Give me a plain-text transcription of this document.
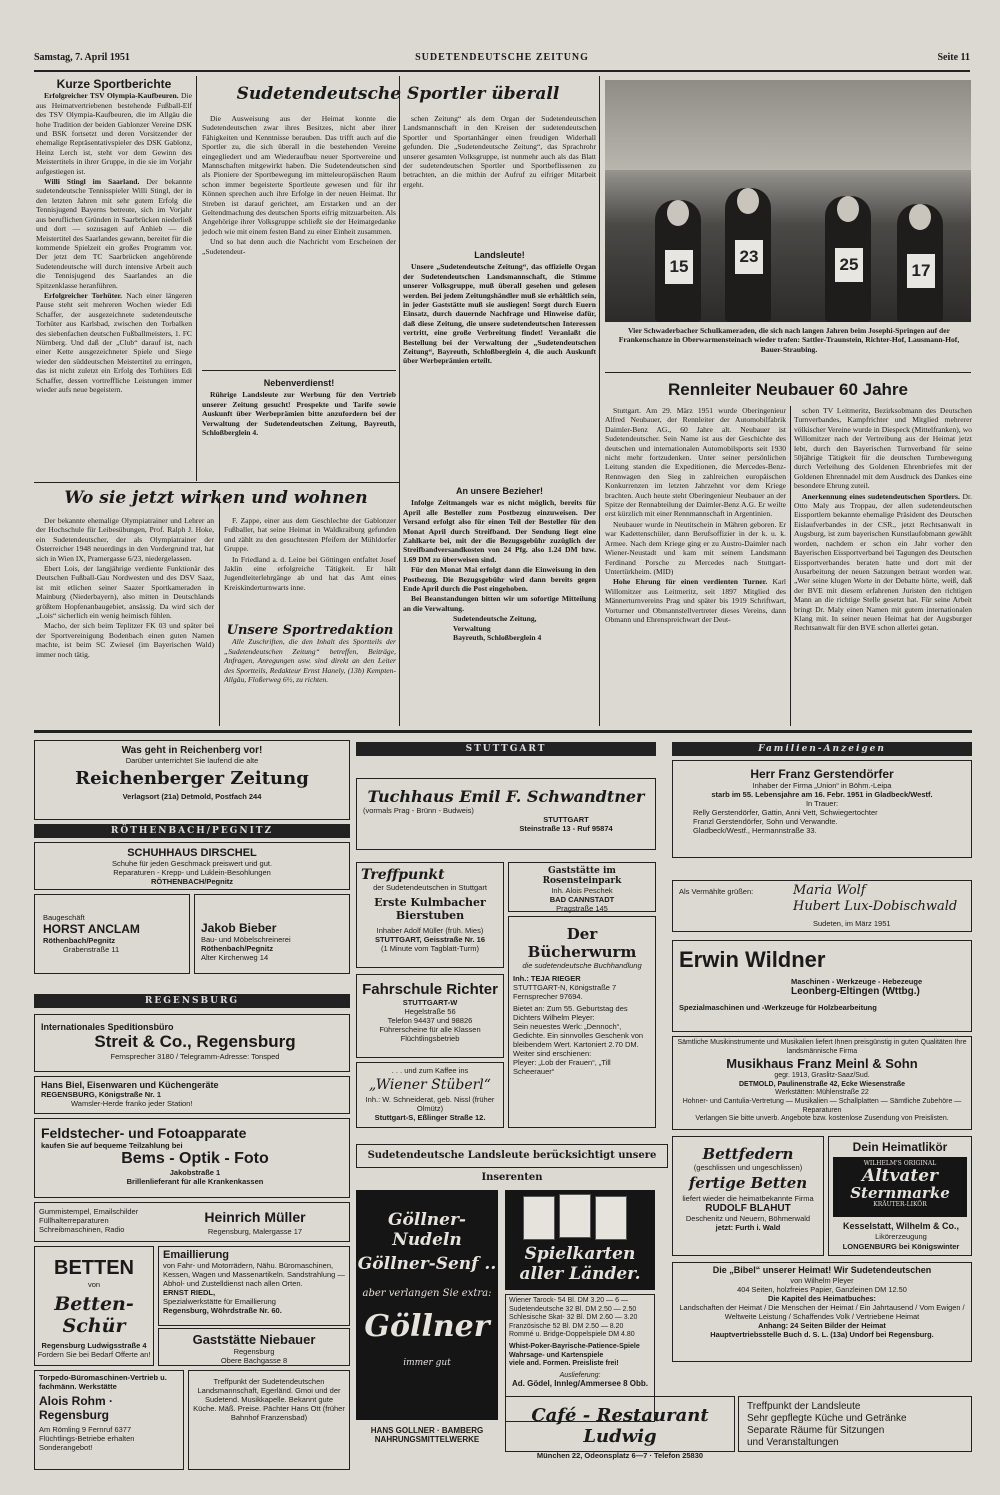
Samstag, 7. April 1951	SUDETENDEUTSCHE ZEITUNG	Seite 11
Kurze Sportberichte

Erfolgreicher TSV Olympia-Kaufbeuren. Die aus Heimatvertriebenen bestehende Fußball-Elf des TSV Olympia-Kaufbeuren, die im Allgäu die hohe Tradition der beiden Gablonzer Vereine DSK und BSK fortsetzt und deren Vorsitzender der ehemalige Repräsentativspieler des DSK Gablonz, Heinz Lerch ist, steht vor dem Gewinn des Meistertitels in ihrer Gruppe, in die sie im Vorjahr aufgestiegen ist.

Willi Stingl im Saarland. Der bekannte sudetendeutsche Tennisspieler Willi Stingl, der in den letzten Jahren mit sehr gutem Erfolg die Tennisjugend Bayerns betreute, sich im Vorjahr aus beruflichen Gründen in Saarbrücken niederließ und dort — sozusagen auf Anhieb — die Meistertitel des Saarlandes gewann, bereitet für die kommende Spielzeit ein großes Programm vor. Der jetzt dem TC Saarbrücken angehörende Sudetendeutsche will durch intensive Arbeit auch die Tennisjugend des Saarlandes an die Spitzenklasse heranführen.

Erfolgreicher Torhüter. Nach einer längeren Pause steht seit mehreren Wochen wieder Edi Schaffer, der ausgezeichnete sudetendeutsche Torhüter aus Karlsbad, zwischen den Torbalken des siebenfachen deutschen Fußballmeisters, 1. FC Nürnberg. Und daß der „Club“ darauf ist, nach einer Kette ausgezeichneter Spiele und Siege wieder den süddeutschen Meistertitel zu erringen, das ist nicht zuletzt ein Erfolg des Torhüters Edi Schaffer, dessen vortreffliche Leistungen immer wieder aufs neue begeistern.

Sudetendeutsche Sportler überall

Die Ausweisung aus der Heimat konnte die Sudetendeutschen zwar ihres Besitzes, nicht aber ihrer Fähigkeiten und Kenntnisse berauben. Das trifft auch auf die Sportler zu, die sich überall in die bestehenden Vereine eingegliedert und am Wiederaufbau neuer Sportvereine und Mannschaften mitgewirkt haben. Die Sudetendeutschen sind als Pioniere der Sportbewegung im mitteleuropäischen Raum schon immer begeisterte Sportleute gewesen und für ihr Können sprechen auch ihre Erfolge in der neuen Heimat. Ihr Streben ist darauf gerichtet, am Erstarken und an der Geltendmachung des deutschen Sports eifrig mitzuarbeiten. Als Angehörige ihrer Volksgruppe schließt sie der Heimatgedanke jedoch wie mit einem festen Band zu einer Einheit zusammen.

Und so hat denn auch die Nachricht vom Erscheinen der „Sudetendeut-

schen Zeitung“ als dem Organ der Sudetendeutschen Landsmannschaft in den Kreisen der sudetendeutschen Sportler und Sportanhänger einen freudigen Widerhall gefunden. Die „Sudetendeutsche Zeitung“, das Sprachrohr unserer gesamten Volksgruppe, ist nunmehr auch als das Blatt der sudetendeutschen Sportler und Sportbeflissenen zu betrachten, an die mithin der Aufruf zu eifriger Mitarbeit ergeht.

Nebenverdienst!

Rührige Landsleute zur Werbung für den Vertrieb unserer Zeitung gesucht! Prospekte und Tarife sowie Auskunft über Werbeprämien bitte anzufordern bei der Verwaltung der Sudetendeutschen Zeitung, Bayreuth, Schloßberglein 4.

Landsleute!

Unsere „Sudetendeutsche Zeitung“, das offizielle Organ der Sudetendeutschen Landsmannschaft, die Stimme unserer Volksgruppe, muß überall gesehen und gelesen werden. Bei jedem Zeitungshändler muß sie erhältlich sein, in jeder Gaststätte muß sie ausliegen! Sorgt durch Euern Einsatz, durch dauernde Nachfrage und Hinweise dafür, daß diese Zeitung, die unsere sudetendeutschen Interessen vertritt, eine große Verbreitung findet! Veranlaßt die Bestellung bei der Verwaltung der „Sudetendeutschen Zeitung“, Bayreuth, Schloßberglein 4, die auch Auskunft über Werbeprämien erteilt.

An unsere Bezieher!

Infolge Zeitmangels war es nicht möglich, bereits für April alle Besteller zum Postbezug einzuweisen. Der Versand erfolgt also für einen Teil der Besteller für den Monat April durch Streifband. Der Sendung liegt eine Zahlkarte bei, mit der die Bezugsgebühr zuzüglich der Streifbandversandkosten von 24 Pfg. also 1.24 DM bzw. 1.69 DM zu überweisen sind.

Für den Monat Mai erfolgt dann die Einweisung in den Postbezug. Die Bezugsgebühr wird dann bereits gegen Ende April durch die Post eingehoben.

Bei Beanstandungen bitten wir um sofortige Mitteilung an die Verwaltung.

Sudetendeutsche Zeitung,
Verwaltung
Bayreuth, Schloßberglein 4
15
23	25	17
Vier Schwaderbacher Schulkameraden, die sich nach langen Jahren beim Josephi-Springen auf der Frankenschanze in Oberwarmensteinach wieder trafen: Sattler-Traunstein, Richter-Hof, Lausmann-Hof, Bauer-Straubing.
Rennleiter Neubauer 60 Jahre

Stuttgart. Am 29. März 1951 wurde Oberingenieur Alfred Neubauer, der Rennleiter der Automobilfabrik Daimler-Benz AG., 60 Jahre alt. Neubauer ist Sudetendeutscher. Sein Name ist aus der Geschichte des deutschen und internationalen Automobilsports seit 1930 nicht mehr fortzudenken. Unter seiner persönlichen Leitung standen die Expeditionen, die Mercedes-Benz-Rennwagen den Sieg in zahlreichen europäischen Konkurrenzen im letzten Jahrzehnt vor dem Kriege brachten. Auch heute steht Oberingenieur Neubauer an der Spitze der Rennabteilung der Daimler-Benz A.G. Er weilte erst kürzlich mit einer Rennmannschaft in Argentinien.

Neubauer wurde in Neutitschein in Mähren geboren. Er war Kadettenschüler, dann Berufsoffizier in der k. u. k. Armee. Nach dem Kriege ging er zu Austro-Daimler nach Wiener-Neustadt und kam mit seinem Landsmann Ferdinand Porsche zu Mercedes nach Stuttgart-Untertürkheim. (MID)

Hohe Ehrung für einen verdienten Turner. Karl Willomitzer aus Leitmeritz, seit 1897 Mitglied des Männerturnvereins Prag und später bis 1919 Schriftwart, Vorturner und Obmannstellvertreter dieses Vereins, dann Obmann und Ehrenspreichwart der Deut-

schen TV Leitmeritz, Bezirksobmann des Deutschen Turnverbandes, Kampfrichter und Mitglied mehrerer völkischer Vereine wurde in Diespeck (Mittelfranken), wo Willomitzer nach der Vertreibung aus der Heimat jetzt lebt, durch den Bayerischen Turnverband für seine 50jährige Tätigkeit für die deutschen Turnbewegung durch Verleihung des Goldenen Ehrenbriefes mit der Goldenen Ehrennadel mit dem Ausdruck des Dankes eine besondere Ehrung zuteil.

Anerkennung eines sudetendeutschen Sportlers. Dr. Otto Maly aus Troppau, der allen sudetendeutschen Eissportlern bekannte ehemalige Präsident des Deutschen Eislaufverbandes in der CSR., jetzt Rechtsanwalt in Augsburg, ist zum bayerischen Kunstlaufobmann gewählt worden, nachdem er schon ein Jahr vorher den Bayerischen Eissportverband bei Tagungen des Deutschen Eissportverbandes beraten hatte und dort mit der Ausarbeitung der neuen Satzungen betraut worden war. „Wer seine klugen Worte in der Debatte hörte, weiß, daß der BVE mit diesem erfahrenen Juristen den richtigen Mann an die richtige Stelle gesetzt hat. Für seine Arbeit bringt Dr. Maly einen Namen mit gutem internationalen Klang mit. In seiner neuen Heimat hat der Augsburger Rechtsanwalt für den BVE schon allerlei getan.

Wo sie jetzt wirken und wohnen

Der bekannte ehemalige Olympiatrainer und Lehrer an der Hochschule für Leibesübungen, Prof. Ralph J. Hoke, ein Sudetendeutscher, der als Olympiatrainer der Österreicher 1948 neuerdings in den Vordergrund trat, hat sich in Wien IX, Pramergasse 6/23, niedergelassen.

Ebert Lois, der langjährige verdiente Funktionär des Deutschen Fußball-Gau Nordwesten und des DSV Saaz, ist mit etlichen seiner Saazer Sportkameraden in Mainburg (Niederbayern), also mitten in Deutschlands größtem Hopfenanbaugebiet, ansässig. Da wird sich der „Lois“ sicherlich ein wenig heimisch fühlen.

Macho, der sich beim Teplitzer FK 03 und später bei der Sportvereinigung Bodenbach einen guten Namen machte, ist beim SC Zwiesel (im Bayerischen Wald) immer noch tätig.

F. Zappe, einer aus dem Geschlechte der Gablonzer Fußballer, hat seine Heimat in Waldkraiburg gefunden und zählt zu den gesuchtesten Pfeifern der Mühldorfer Gruppe.

In Friedland a. d. Leine bei Göttingen entfaltet Josef Jaklin eine erfolgreiche Tätigkeit. Er hält Jugendleiterlehrgänge ab und hat das Amt eines Kreiskinderturnwarts inne.

Unsere Sportredaktion

Alle Zuschriften, die den Inhalt des Sportteils der „Sudetendeutschen Zeitung“ betreffen, Beiträge, Anfragen, Anregungen usw. sind direkt an den Leiter des Sportteils, Redakteur Ernst Hanely, (13b) Kempten-Allgäu, Floßerweg 6½, zu richten.

Was geht in Reichenberg vor!
Darüber unterrichtet Sie laufend die alte
Reichenberger Zeitung
Verlagsort (21a) Detmold, Postfach 244
RÖTHENBACH/PEGNITZ
SCHUHHAUS DIRSCHEL
Schuhe für jeden Geschmack preiswert und gut.
Reparaturen - Krepp- und Luklein-Besohlungen
RÖTHENBACH/Pegnitz
Baugeschäft
HORST ANCLAM
Röthenbach/Pegnitz
Grabenstraße 11
Jakob Bieber
Bau- und Möbelschreinerei
Röthenbach/Pegnitz
Alter Kirchenweg 14
REGENSBURG
Internationales Speditionsbüro
Streit & Co., Regensburg
Fernsprecher 3180 / Telegramm-Adresse: Tonsped
Hans Biel, Eisenwaren und Küchengeräte
REGENSBURG, Königstraße Nr. 1
Wamsler-Herde franko jeder Station!
Feldstecher- und Fotoapparate
kaufen Sie auf bequeme Teilzahlung bei
Bems - Optik - Foto
Jakobstraße 1
Brillenlieferant für alle Krankenkassen
Gummistempel, Emailschilder Füllhalterreparaturen Schreibmaschinen, Radio
Heinrich Müller
Regensburg, Malergasse 17
BETTEN
von
Betten-Schür
Regensburg Ludwigsstraße 4
Fordern Sie bei Bedarf Offerte an!
Emaillierung
von Fahr- und Motorrädern, Nähu. Büromaschinen, Kessen, Wagen und Massenartikeln. Sandstrahlung — Abhol- und Zustelldienst nach allen Orten.
ERNST RIEDL,
Spezialwerkstätte für Emaillierung
Regensburg, Wöhrdstraße Nr. 60.
Gaststätte Niebauer
Regensburg
Obere Bachgasse 8
Torpedo-Büromaschinen-Vertrieb u. fachmänn. Werkstätte
Alois Rohm · Regensburg
Am Römling 9 Fernruf 6377
Flüchtlings-Betriebe erhalten Sonderangebot!
Treffpunkt der Sudetendeutschen Landsmannschaft, Egerländ. Gmoi und der Sudetend. Musikkapelle. Bekannt gute Küche. Mäß. Preise. Pächter Hans Ott (früher Bahnhof Franzensbad)
STUTTGART
Tuchhaus Emil F. Schwandtner
(vormals Prag - Brünn - Budweis)
STUTTGART
Steinstraße 13 - Ruf 95874
Treffpunkt
der Sudetendeutschen in Stuttgart
Erste Kulmbacher Bierstuben
Inhaber Adolf Müller (früh. Mies)
STUTTGART, Geisstraße Nr. 16
(1 Minute vom Tagblatt-Turm)
Gaststätte im Rosensteinpark
Inh. Alois Peschek
BAD CANNSTADT
Pragstraße 145
Fahrschule Richter
STUTTGART-W
Hegelstraße 56
Telefon 94437 und 98826
Führerscheine für alle Klassen Flüchtlingsbetrieb
Der Bücherwurm
die sudetendeutsche Buchhandlung
Inh.: TEJA RIEGER
STUTTGART-N, Königstraße 7
Fernsprecher 97694.
Bietet an: Zum 55. Geburtstag des Dichters Wilhelm Pleyer:
Sein neuestes Werk: „Dennoch“, Gedichte. Ein sinnvolles Geschenk von bleibendem Wert. Kartoniert 2.70 DM.
Weiter sind erschienen:
Pleyer: „Lob der Frauen“, „Till Scheerauer“
. . . und zum Kaffee ins
„Wiener Stüberl“
Inh.: W. Schneiderat, geb. Nissl (früher Olmütz)
Stuttgart-S, Eßlinger Straße 12.
Sudetendeutsche Landsleute berücksichtigt unsere Inserenten
Göllner-Nudeln
Göllner-Senf ..
aber verlangen Sie extra:
Göllner
immer gut
HANS GOLLNER · BAMBERG
NAHRUNGSMITTELWERKE
Spielkarten aller Länder.
Wiener Tarock- 54 Bl. DM 3.20 — 6 —
Sudetendeutsche 32 Bl. DM 2.50 — 2.50
Schlesische Skat- 32 Bl. DM 2.60 — 3.20
Französische 52 Bl. DM 2.50 — 8.20
Rommé u. Bridge-Doppelspiele DM 4.80
Whist-Poker-Bayrische-Patience-Spiele Wahrsage- und Kartenspiele
viele and. Formen. Preisliste frei!
Auslieferung:
Ad. Gödel, Innleg/Ammersee 8 Obb.
Familien-Anzeigen
Herr Franz Gerstendörfer
Inhaber der Firma „Union“ in Böhm.-Leipa
starb im 55. Lebensjahre am 16. Febr. 1951 in Gladbeck/Westf.
In Trauer:
Relly Gerstendörfer, Gattin, Anni Vett, Schwiegertochter
Franzl Gerstendörfer, Sohn und Verwandte.
Gladbeck/Westf., Hermannstraße 33.
Als Vermählte grüßen:	Maria Wolf
Hubert Lux-Dobischwald
Sudeten, im März 1951
Erwin Wildner
Maschinen - Werkzeuge - Hebezeuge
Leonberg-Eltingen (Wttbg.)
Spezialmaschinen und -Werkzeuge für Holzbearbeitung
Sämtliche Musikinstrumente und Musikalien liefert Ihnen preisgünstig in guten Qualitäten Ihre landsmännische Firma
Musikhaus Franz Meinl & Sohn
gegr. 1913, Graslitz-Saaz/Sud.
DETMOLD, Paulinenstraße 42, Ecke Wiesenstraße
Werkstätten: Mühlenstraße 22
Hohner- und Cantulia-Vertretung — Musikalien — Schallplatten — Sämtliche Zubehöre — Reparaturen
Verlangen Sie bitte unverb. Angebote bzw. kostenlose Zusendung von Preislisten.
Bettfedern
(geschlissen und ungeschlissen)
fertige Betten
liefert wieder die heimatbekannte Firma
RUDOLF BLAHUT
Deschenitz und Neuern, Böhmerwald
jetzt: Furth i. Wald
Dein Heimatlikör
WILHELM'S ORIGINAL
Altvater
Sternmarke
KRÄUTER-LIKÖR
Kesselstatt, Wilhelm & Co.,
Likörerzeugung
LONGENBURG bei Königswinter
Die „Bibel“ unserer Heimat! Wir Sudetendeutschen
von Wilhelm Pleyer
404 Seiten, holzfreies Papier, Ganzleinen DM 12.50
Die Kapitel des Heimatbuches:
Landschaften der Heimat / Die Menschen der Heimat / Ein Jahrtausend / Vom Ewigen / Weltweite Leistung / Schaffendes Volk / Vertriebene Heimat
Anhang: 24 Seiten Bilder der Heimat
Hauptvertriebsstelle Buch d. S. L. (13a) Undorf bei Regensburg.
Café - Restaurant Ludwig
München 22, Odeonsplatz 6—7 · Telefon 25830
Treffpunkt der Landsleute
Sehr gepflegte Küche und Getränke
Separate Räume für Sitzungen
und Veranstaltungen
